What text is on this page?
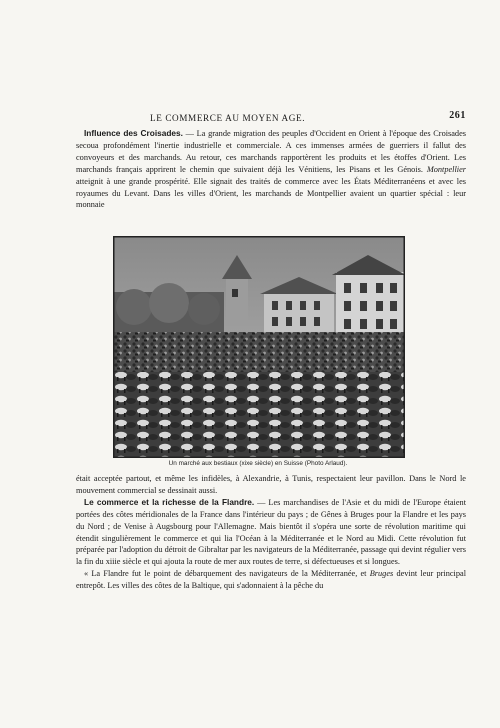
LE COMMERCE AU MOYEN AGE.	261

Influence des Croisades. — La grande migration des peuples d'Occident en Orient à l'époque des Croisades secoua profondément l'inertie industrielle et commerciale. A ces immenses armées de guerriers il fallut des convoyeurs et des marchands. Au retour, ces marchands rapportèrent les produits et les étoffes d'Orient. Les marchands français apprirent le chemin que suivaient déjà les Vénitiens, les Pisans et les Génois. Montpellier atteignit à une grande prospérité. Elle signait des traités de commerce avec les États Méditerranéens et avec les royaumes du Levant. Dans les villes d'Orient, les marchands de Montpellier avaient un quartier spécial : leur monnaie

Un marché aux bestiaux (xixe siècle) en Suisse (Photo Arlaud).

était acceptée partout, et même les infidèles, à Alexandrie, à Tunis, respectaient leur pavillon. Dans le Nord le mouvement commercial se dessinait aussi.

Le commerce et la richesse de la Flandre. — Les marchandises de l'Asie et du midi de l'Europe étaient portées des côtes méridionales de la France dans l'intérieur du pays ; de Gênes à Bruges pour la Flandre et les pays du Nord ; de Venise à Augsbourg pour l'Allemagne. Mais bientôt il s'opéra une sorte de révolution maritime qui étendit singulièrement le commerce et qui lia l'Océan à la Méditerranée et le Nord au Midi. Cette révolution fut préparée par l'adoption du détroit de Gibraltar par les navigateurs de la Méditerranée, passage qui devint régulier vers la fin du xiiie siècle et qui ajouta la route de mer aux routes de terre, si défectueuses et si longues.

« La Flandre fut le point de débarquement des navigateurs de la Méditerranée, et Bruges devint leur principal entrepôt. Les villes des côtes de la Baltique, qui s'adonnaient à la pêche du
